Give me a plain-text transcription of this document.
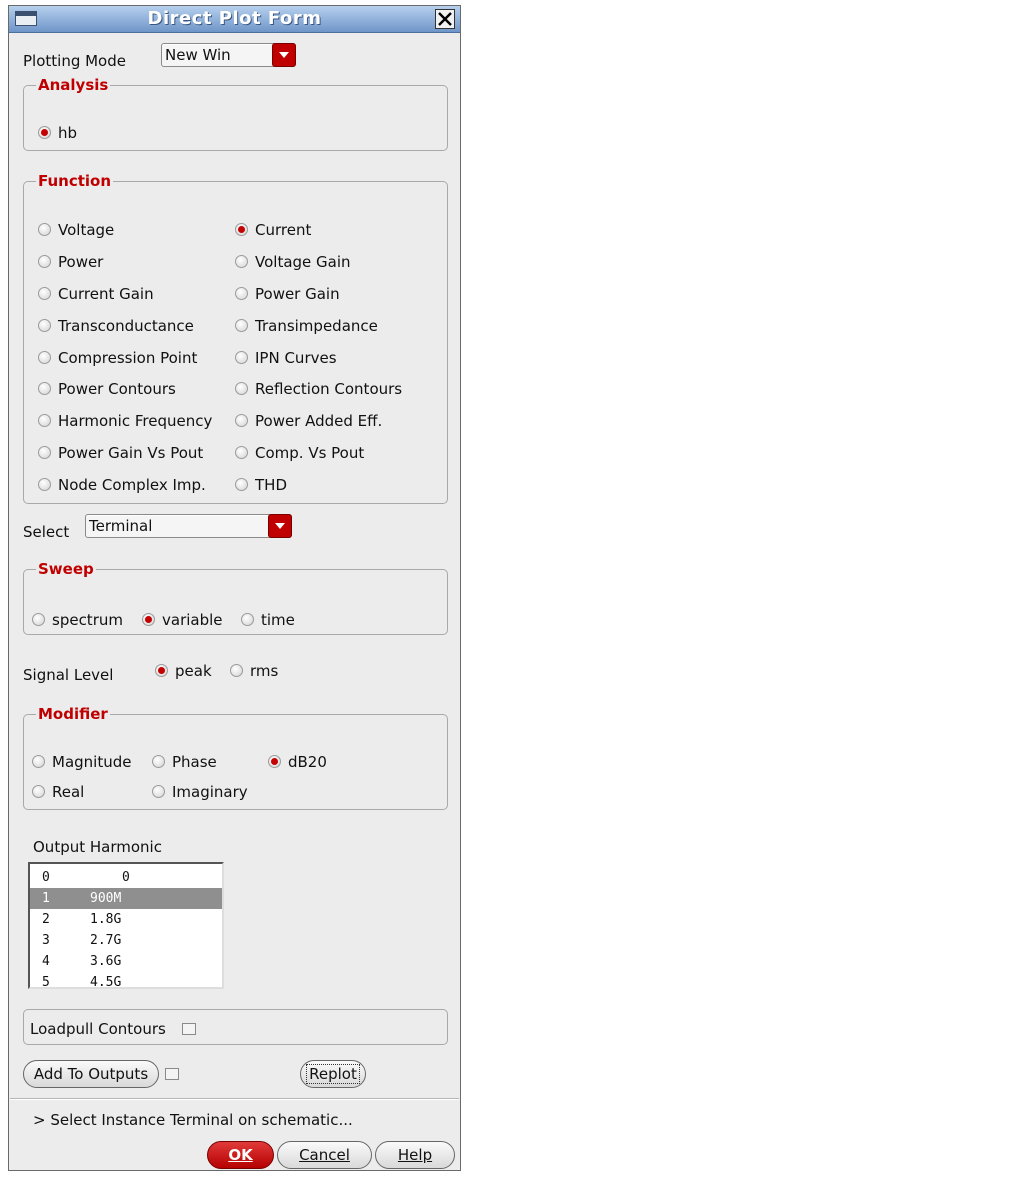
Direct Plot Form
Plotting Mode	New Win
Analysis
hb
Function
Voltage	Current
Power	Voltage Gain
Current Gain	Power Gain
Transconductance	Transimpedance
Compression Point	IPN Curves
Power Contours	Reflection Contours
Harmonic Frequency	Power Added Eff.
Power Gain Vs Pout	Comp. Vs Pout
Node Complex Imp.	THD
Select Terminal
Sweep
spectrum	variable	time
Signal Level	peak	rms
Modifier
Magnitude	Phase	dB20
Real	Imaginary
Output Harmonic
0	0
1	900M
2	1.8G
3	2.7G
4	3.6G
5	4.5G
Loadpull Contours
Add To Outputs	Replot
> Select Instance Terminal on schematic...
OK	Cancel	Help
